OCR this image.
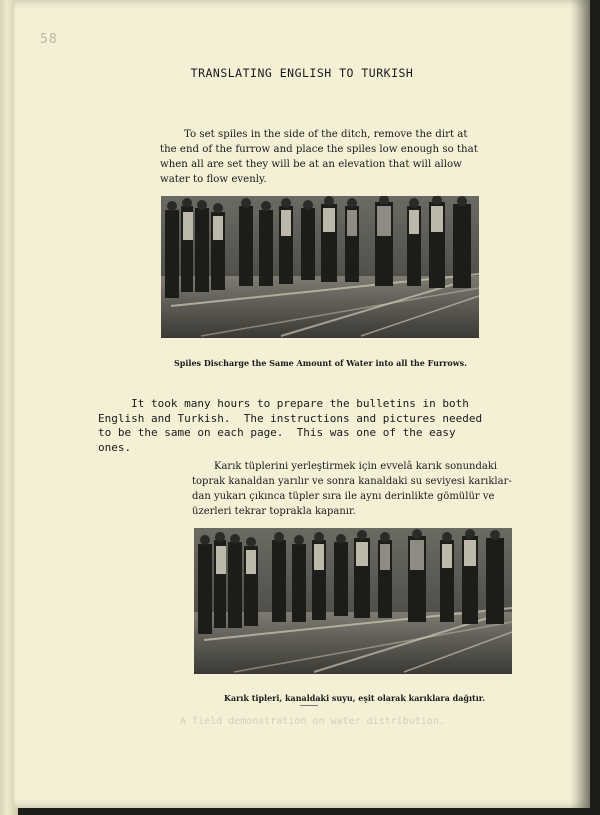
58
TRANSLATING ENGLISH TO TURKISH
To set spiles in the side of the ditch, remove the dirt at
the end of the furrow and place the spiles low enough so that
when all are set they will be at an elevation that will allow
water to flow evenly.
Spiles Discharge the Same Amount of Water into all the Furrows.
It took many hours to prepare the bulletins in both
English and Turkish.  The instructions and pictures needed
to be the same on each page.  This was one of the easy
ones.
Karık tüplerini yerleştirmek için evvelâ karık sonundaki
toprak kanaldan yarılır ve sonra kanaldaki su seviyesi karıklar-
dan yukarı çıkınca tüpler sıra ile aynı derinlikte gömülür ve
üzerleri tekrar toprakla kapanır.
Karık tipleri, kanaldaki suyu, eşit olarak karıklara dağıtır.
A field demonstration on water distribution.
